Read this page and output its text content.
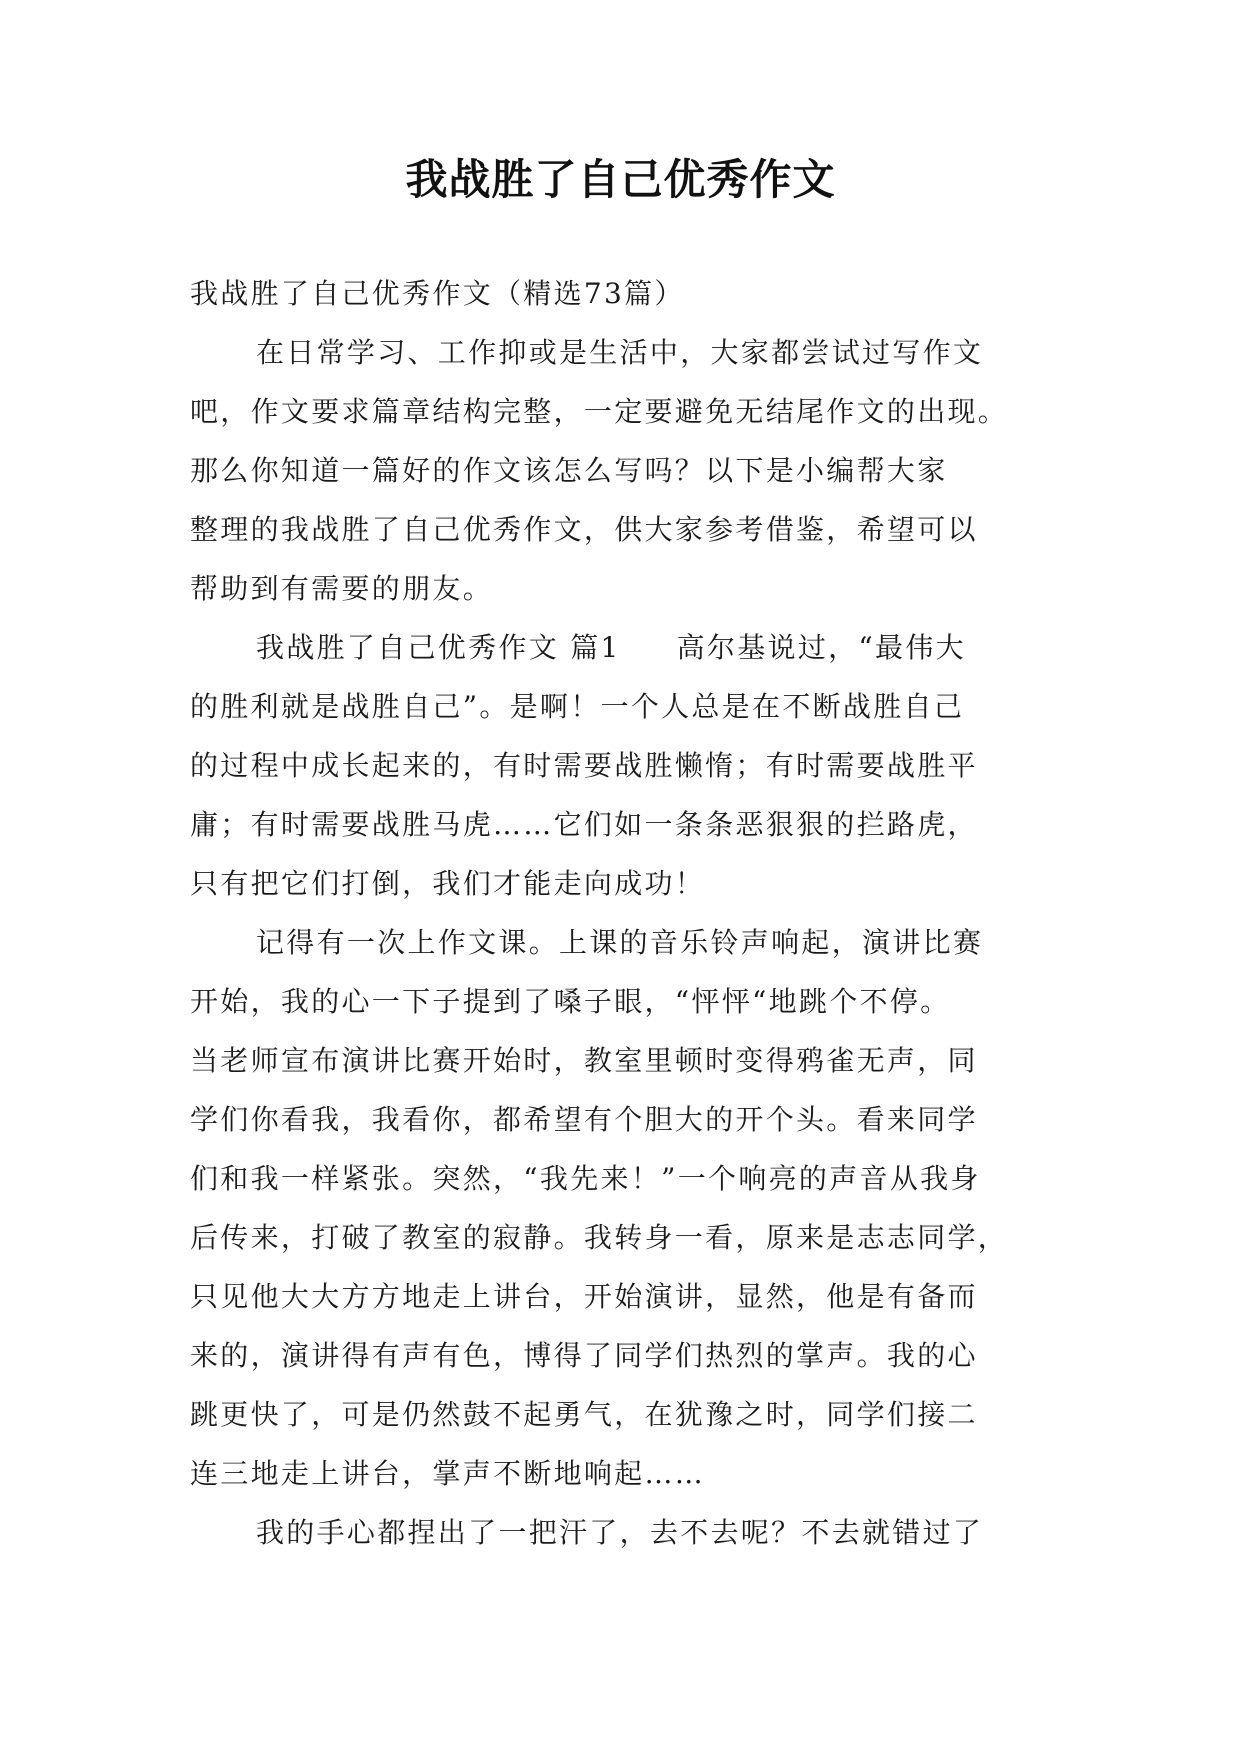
我战胜了自己优秀作文
我战胜了自己优秀作文（精选73篇）
在日常学习、工作抑或是生活中，大家都尝试过写作文
吧，作文要求篇章结构完整，一定要避免无结尾作文的出现。
那么你知道一篇好的作文该怎么写吗？以下是小编帮大家
整理的我战胜了自己优秀作文，供大家参考借鉴，希望可以
帮助到有需要的朋友。
我战胜了自己优秀作文 篇1 高尔基说过，“最伟大
的胜利就是战胜自己”。是啊！一个人总是在不断战胜自己
的过程中成长起来的，有时需要战胜懒惰；有时需要战胜平
庸；有时需要战胜马虎……它们如一条条恶狠狠的拦路虎，
只有把它们打倒，我们才能走向成功！
记得有一次上作文课。上课的音乐铃声响起，演讲比赛
开始，我的心一下子提到了嗓子眼，“怦怦“地跳个不停。
当老师宣布演讲比赛开始时，教室里顿时变得鸦雀无声，同
学们你看我，我看你，都希望有个胆大的开个头。看来同学
们和我一样紧张。突然，“我先来！”一个响亮的声音从我身
后传来，打破了教室的寂静。我转身一看，原来是志志同学，
只见他大大方方地走上讲台，开始演讲，显然，他是有备而
来的，演讲得有声有色，博得了同学们热烈的掌声。我的心
跳更快了，可是仍然鼓不起勇气，在犹豫之时，同学们接二
连三地走上讲台，掌声不断地响起……
我的手心都捏出了一把汗了，去不去呢？不去就错过了
